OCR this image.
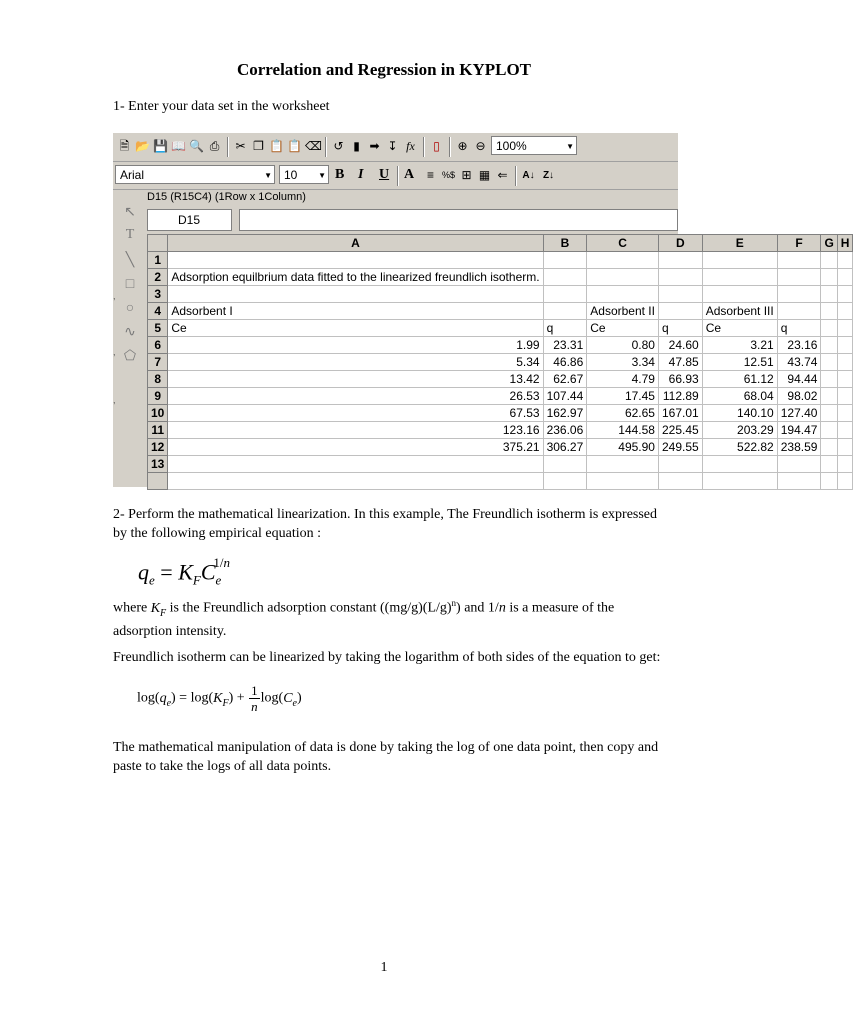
Correlation and Regression in KYPLOT
1- Enter your data set in the worksheet
🗎 📂 💾 📖 🔍 ⎙ ✂ ❐ 📋 📋 ⌫ ↺ ▮ ➡ ↧ fx	▯	⊕ ⊖ 100%	▼
Arial	▼	10	▼ B I U A	≡ %$ ⊞ ▦ ⇐ A↓ Z↓
D15 (R15C4) (1Row x 1Column)
↖
T
╲
□
○
∿
⬠
,
,
,
D15
	A	B	C	D	E	F	G	H
1								
2	Adsorption equilbrium data fitted to the linearized freundlich isotherm.							
3								
4	Adsorbent I		Adsorbent II		Adsorbent III			
5	Ce	q	Ce	q	Ce	q		
6	1.99	23.31	0.80	24.60	3.21	23.16		
7	5.34	46.86	3.34	47.85	12.51	43.74		
8	13.42	62.67	4.79	66.93	61.12	94.44		
9	26.53	107.44	17.45	112.89	68.04	98.02		
10	67.53	162.97	62.65	167.01	140.10	127.40		
11	123.16	236.06	144.58	225.45	203.29	194.47		
12	375.21	306.27	495.90	249.55	522.82	238.59		
13								

2- Perform the mathematical linearization. In this example, The Freundlich isotherm is expressed by the following empirical equation :
$q_e = K_FC_e^{1/n}$
where $K_F$ is the Freundlich adsorption constant $((mg/g)(L/g)^n)$ and 1/n is a measure of the adsorption intensity.
Freundlich isotherm can be linearized by taking the logarithm of both sides of the equation to get:
$\log(q_e) = \log(K_F) + \frac{1}{n} \log(C_e)$
The mathematical manipulation of data is done by taking the log of one data point, then copy and paste to take the logs of all data points.
1
